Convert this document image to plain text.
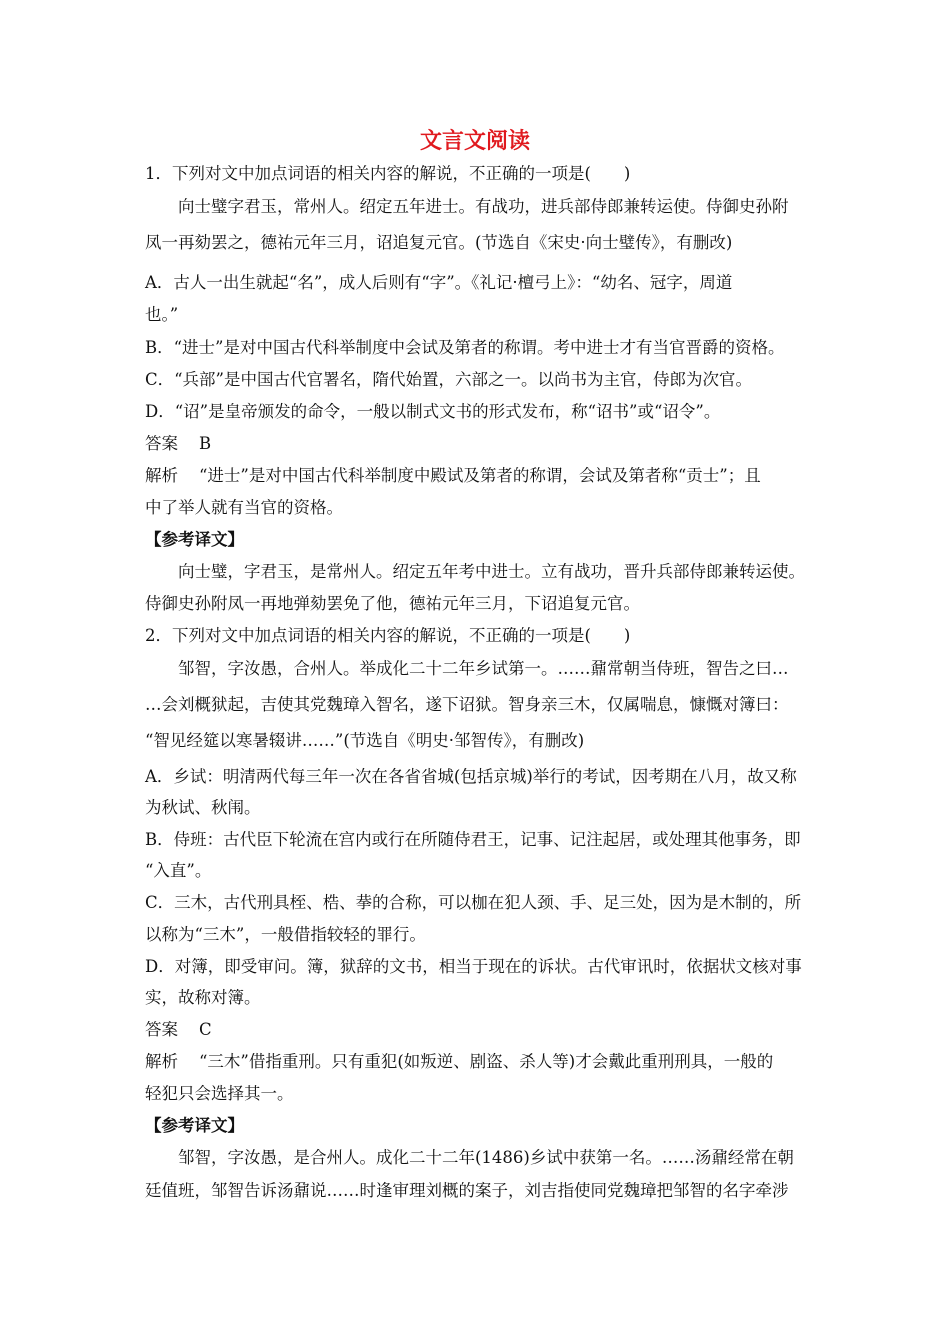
文言文阅读
1．下列对文中加点词语的相关内容的解说，不正确的一项是(　　)
向士璧字君玉，常州人。绍定五年进士。有战功，进兵部侍郎兼转运使。侍御史孙附
凤一再劾罢之，德祐元年三月，诏追复元官。(节选自《宋史·向士璧传》，有删改)
A．古人一出生就起“名”，成人后则有“字”。《礼记·檀弓上》：“幼名、冠字，周道
也。”
B．“进士”是对中国古代科举制度中会试及第者的称谓。考中进士才有当官晋爵的资格。
C．“兵部”是中国古代官署名，隋代始置，六部之一。以尚书为主官，侍郎为次官。
D．“诏”是皇帝颁发的命令，一般以制式文书的形式发布，称“诏书”或“诏令”。
答案 B
解析 “进士”是对中国古代科举制度中殿试及第者的称谓，会试及第者称“贡士”；且
中了举人就有当官的资格。
【参考译文】
向士璧，字君玉，是常州人。绍定五年考中进士。立有战功，晋升兵部侍郎兼转运使。
侍御史孙附凤一再地弹劾罢免了他，德祐元年三月，下诏追复元官。
2．下列对文中加点词语的相关内容的解说，不正确的一项是(　　)
邹智，字汝愚，合州人。举成化二十二年乡试第一。……鼐常朝当侍班，智告之曰…
…会刘概狱起，吉使其党魏璋入智名，遂下诏狱。智身亲三木，仅属喘息，慷慨对簿曰：
“智见经筵以寒暑辍讲……”(节选自《明史·邹智传》，有删改)
A．乡试：明清两代每三年一次在各省省城(包括京城)举行的考试，因考期在八月，故又称
为秋试、秋闱。
B．侍班：古代臣下轮流在宫内或行在所随侍君王，记事、记注起居，或处理其他事务，即
“入直”。
C．三木，古代刑具桎、梏、拲的合称，可以枷在犯人颈、手、足三处，因为是木制的，所
以称为“三木”，一般借指较轻的罪行。
D．对簿，即受审问。簿，狱辞的文书，相当于现在的诉状。古代审讯时，依据状文核对事
实，故称对簿。
答案 C
解析 “三木”借指重刑。只有重犯(如叛逆、剧盗、杀人等)才会戴此重刑刑具，一般的
轻犯只会选择其一。
【参考译文】
邹智，字汝愚，是合州人。成化二十二年(1486)乡试中获第一名。……汤鼐经常在朝
廷值班，邹智告诉汤鼐说……时逢审理刘概的案子，刘吉指使同党魏璋把邹智的名字牵涉
